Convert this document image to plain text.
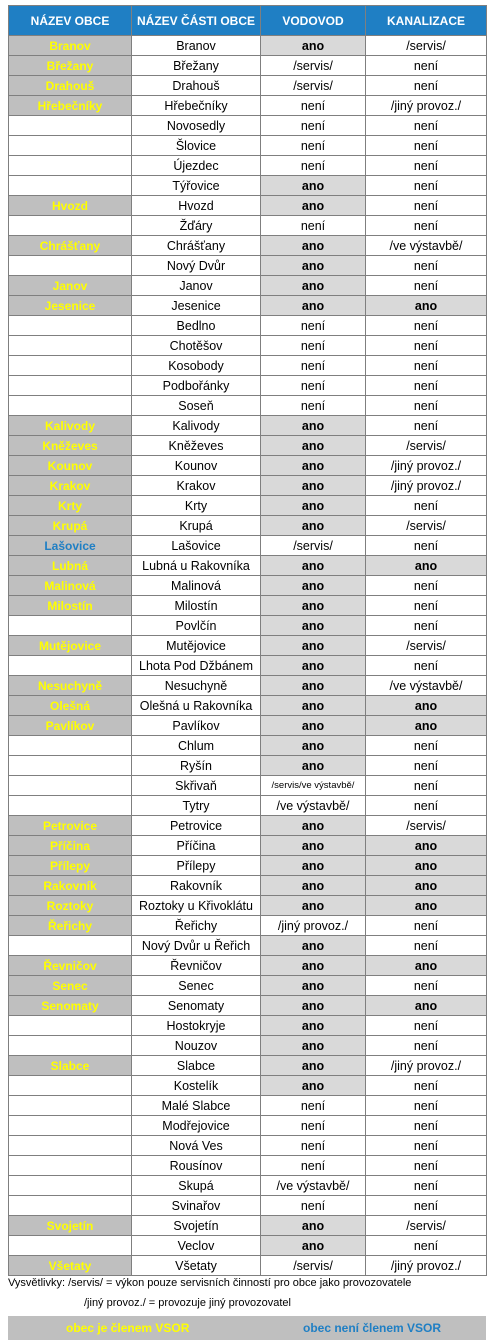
NÁZEV OBCE	NÁZEV ČÁSTI OBCE	VODOVOD	KANALIZACE
Branov	Branov	ano	/servis/
Břežany	Břežany	/servis/	není
Drahouš	Drahouš	/servis/	není
Hřebečníky	Hřebečníky	není	/jiný provoz./
	Novosedly	není	není
	Šlovice	není	není
	Újezdec	není	není
	Týřovice	ano	není
Hvozd	Hvozd	ano	není
	Žďáry	není	není
Chrášťany	Chrášťany	ano	/ve výstavbě/
	Nový Dvůr	ano	není
Janov	Janov	ano	není
Jesenice	Jesenice	ano	ano
	Bedlno	není	není
	Chotěšov	není	není
	Kosobody	není	není
	Podbořánky	není	není
	Soseň	není	není
Kalivody	Kalivody	ano	není
Kněževes	Kněževes	ano	/servis/
Kounov	Kounov	ano	/jiný provoz./
Krakov	Krakov	ano	/jiný provoz./
Krty	Krty	ano	není
Krupá	Krupá	ano	/servis/
Lašovice	Lašovice	/servis/	není
Lubná	Lubná u Rakovníka	ano	ano
Malinová	Malinová	ano	není
Milostín	Milostín	ano	není
	Povlčín	ano	není
Mutějovice	Mutějovice	ano	/servis/
	Lhota Pod Džbánem	ano	není
Nesuchyně	Nesuchyně	ano	/ve výstavbě/
Olešná	Olešná u Rakovníka	ano	ano
Pavlíkov	Pavlíkov	ano	ano
	Chlum	ano	není
	Ryšín	ano	není
	Skřivaň	/servis/ve výstavbě/	není
	Tytry	/ve výstavbě/	není
Petrovice	Petrovice	ano	/servis/
Příčina	Příčina	ano	ano
Přílepy	Přílepy	ano	ano
Rakovník	Rakovník	ano	ano
Roztoky	Roztoky u Křivoklátu	ano	ano
Řeřichy	Řeřichy	/jiný provoz./	není
	Nový Dvůr u Řeřich	ano	není
Řevničov	Řevničov	ano	ano
Senec	Senec	ano	není
Senomaty	Senomaty	ano	ano
	Hostokryje	ano	není
	Nouzov	ano	není
Slabce	Slabce	ano	/jiný provoz./
	Kostelík	ano	není
	Malé Slabce	není	není
	Modřejovice	není	není
	Nová Ves	není	není
	Rousínov	není	není
	Skupá	/ve výstavbě/	není
	Svinařov	není	není
Svojetín	Svojetín	ano	/servis/
	Veclov	ano	není
Všetaty	Všetaty	/servis/	/jiný provoz./
Vysvětlivky: /servis/ = výkon pouze servisních činností pro obce jako provozovatele
/jiný provoz./ = provozuje jiný provozovatel
obec je členem VSOR	obec není členem VSOR
